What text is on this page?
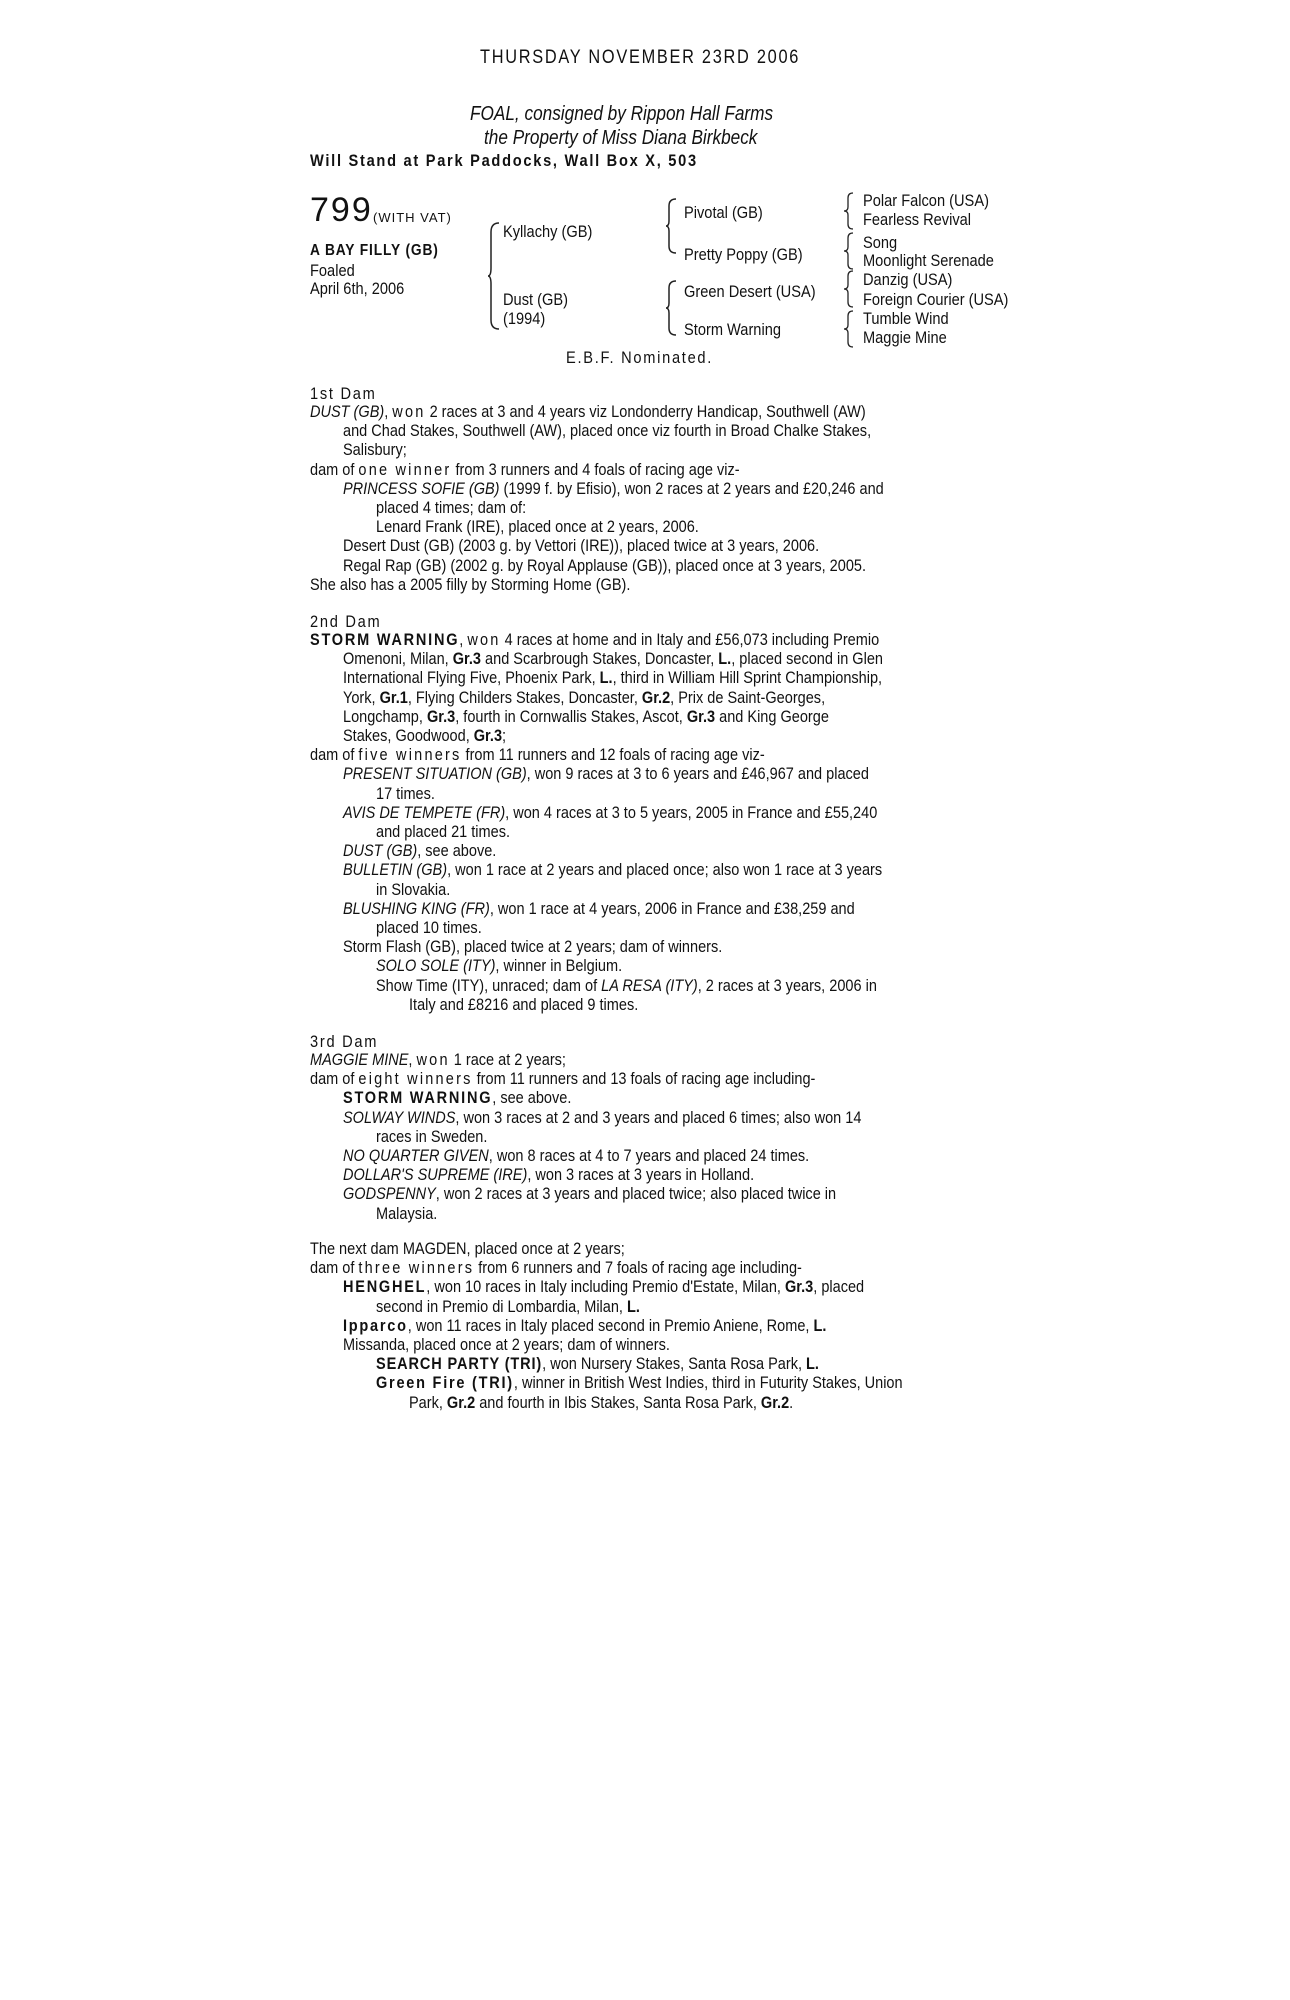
THURSDAY NOVEMBER 23RD 2006
FOAL, consigned by Rippon Hall Farms
the Property of Miss Diana Birkbeck
Will Stand at Park Paddocks, Wall Box X, 503
799 (WITH VAT)
A BAY FILLY (GB)
Foaled
April 6th, 2006
Kyllachy (GB)
Dust (GB)
(1994)
Pivotal (GB)
Pretty Poppy (GB)
Green Desert (USA)
Storm Warning
Polar Falcon (USA)
Fearless Revival
Song
Moonlight Serenade
Danzig (USA)
Foreign Courier (USA)
Tumble Wind
Maggie Mine
E.B.F. Nominated.
1st Dam
DUST (GB), won 2 races at 3 and 4 years viz Londonderry Handicap, Southwell (AW)
and Chad Stakes, Southwell (AW), placed once viz fourth in Broad Chalke Stakes,
Salisbury;
dam of one winner from 3 runners and 4 foals of racing age viz-
PRINCESS SOFIE (GB) (1999 f. by Efisio), won 2 races at 2 years and £20,246 and
placed 4 times; dam of:
Lenard Frank (IRE), placed once at 2 years, 2006.
Desert Dust (GB) (2003 g. by Vettori (IRE)), placed twice at 3 years, 2006.
Regal Rap (GB) (2002 g. by Royal Applause (GB)), placed once at 3 years, 2005.
She also has a 2005 filly by Storming Home (GB).
2nd Dam
STORM WARNING, won 4 races at home and in Italy and £56,073 including Premio
Omenoni, Milan, Gr.3 and Scarbrough Stakes, Doncaster, L., placed second in Glen
International Flying Five, Phoenix Park, L., third in William Hill Sprint Championship,
York, Gr.1, Flying Childers Stakes, Doncaster, Gr.2, Prix de Saint-Georges,
Longchamp, Gr.3, fourth in Cornwallis Stakes, Ascot, Gr.3 and King George
Stakes, Goodwood, Gr.3;
dam of five winners from 11 runners and 12 foals of racing age viz-
PRESENT SITUATION (GB), won 9 races at 3 to 6 years and £46,967 and placed
17 times.
AVIS DE TEMPETE (FR), won 4 races at 3 to 5 years, 2005 in France and £55,240
and placed 21 times.
DUST (GB), see above.
BULLETIN (GB), won 1 race at 2 years and placed once; also won 1 race at 3 years
in Slovakia.
BLUSHING KING (FR), won 1 race at 4 years, 2006 in France and £38,259 and
placed 10 times.
Storm Flash (GB), placed twice at 2 years; dam of winners.
SOLO SOLE (ITY), winner in Belgium.
Show Time (ITY), unraced; dam of LA RESA (ITY), 2 races at 3 years, 2006 in
Italy and £8216 and placed 9 times.
3rd Dam
MAGGIE MINE, won 1 race at 2 years;
dam of eight winners from 11 runners and 13 foals of racing age including-
STORM WARNING, see above.
SOLWAY WINDS, won 3 races at 2 and 3 years and placed 6 times; also won 14
races in Sweden.
NO QUARTER GIVEN, won 8 races at 4 to 7 years and placed 24 times.
DOLLAR'S SUPREME (IRE), won 3 races at 3 years in Holland.
GODSPENNY, won 2 races at 3 years and placed twice; also placed twice in
Malaysia.
The next dam MAGDEN, placed once at 2 years;
dam of three winners from 6 runners and 7 foals of racing age including-
HENGHEL, won 10 races in Italy including Premio d'Estate, Milan, Gr.3, placed
second in Premio di Lombardia, Milan, L.
Ipparco, won 11 races in Italy placed second in Premio Aniene, Rome, L.
Missanda, placed once at 2 years; dam of winners.
SEARCH PARTY (TRI), won Nursery Stakes, Santa Rosa Park, L.
Green Fire (TRI), winner in British West Indies, third in Futurity Stakes, Union
Park, Gr.2 and fourth in Ibis Stakes, Santa Rosa Park, Gr.2.
